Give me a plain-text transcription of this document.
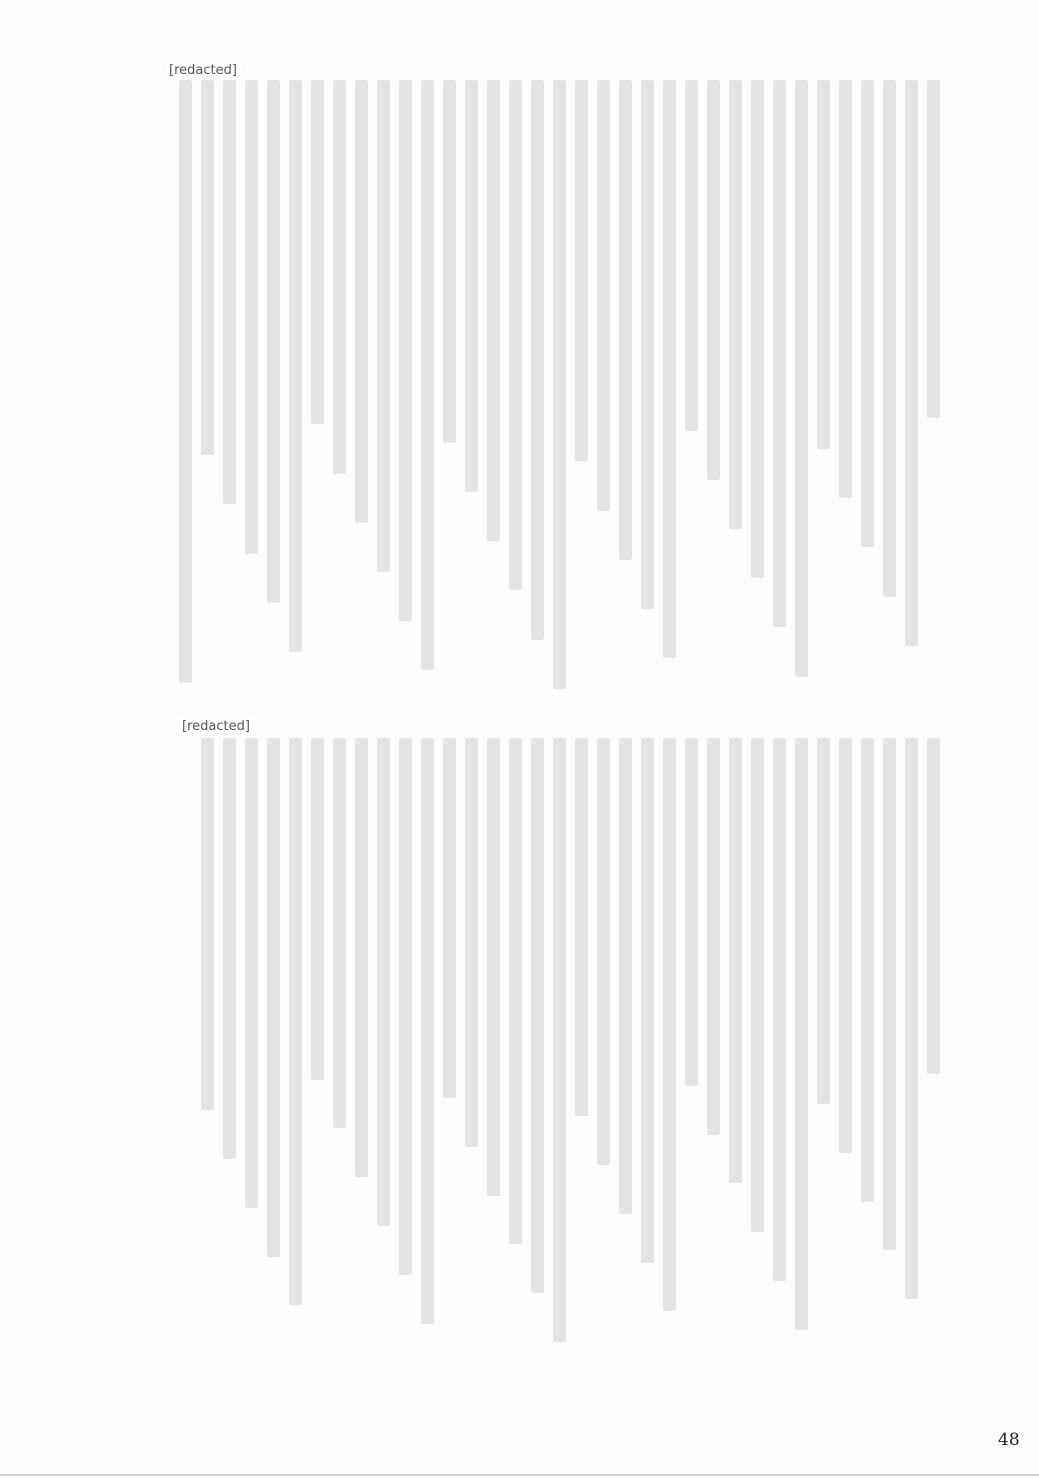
[redacted]
[redacted]
48
